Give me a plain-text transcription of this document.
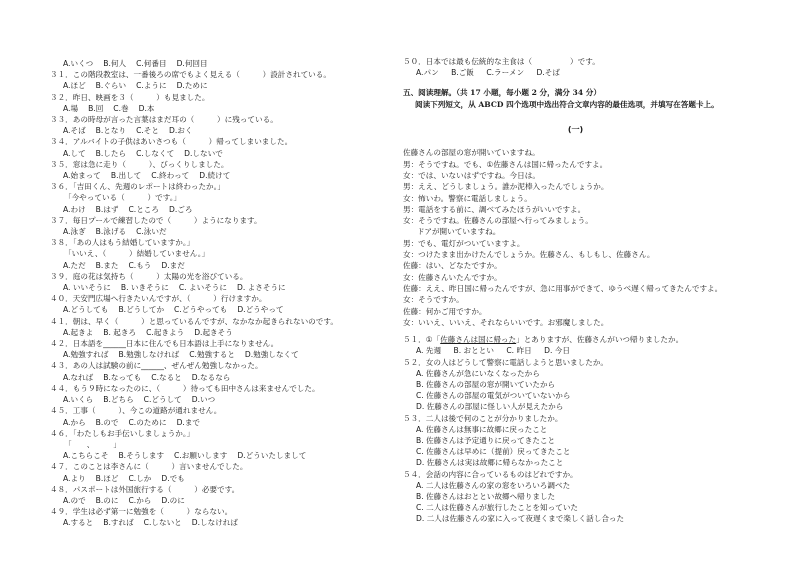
A.いくつ B.何人 C.何番目 D.何回目
３１．この階段教室は、一番後ろの席でもよく見える（　　　）設計されている。
A.ほど B.ぐらい C.ように D.ために
３２．昨日、映画を３（　　　）も見ました。
A.場 B.回 C.巻 D.本
３３．あの時母が言った言葉はまだ耳の（　　　）に残っている。
A.そば B.となり C.そと D.おく
３４．アルバイトの子供はあいさつも（　　　）帰ってしまいました。
A.して B.したら C.しなくて D.しないで
３５．窓は急に走り（　　　）、びっくりしました。
A.始まって B.出して C.終わって D.続けて
３６．「吉田くん、先週のレポートは終わったか。」
「今やっている（　　　）です。」
A.わけ B.はず C.ところ D.ごろ
３７．毎日プールで練習したので（　　　）ようになります。
A.泳ぎ B.泳げる C.泳いだ
３８．「あの人はもう結婚していますか。」
「いいえ、（　　　）結婚していません。」
A.ただ B.また C.もう D.まだ
３９．庭の花は気持ち（　　　）太陽の光を浴びている。
A. いいそうに B. いきそうに C. よいそうに D. よさそうに
４０．天安門広場へ行きたいんですが、（　　　）行けますか。
A.どうしても B.どうしてか C.どうやっても D.どうやって
４１．朝は、早く（　　　）と思っているんですが、なかなか起きられないのです。
A.起きよ B. 起きろ C.起きよう D.起きそう
４２．日本語を______日本に住んでも日本語は上手になりません。
A.勉強すれば B.勉強しなければ C.勉強すると D.勉強しなくて
４３．あの人は試験の前に______、ぜんぜん勉強しなかった。
A.なれば B.なっても C.なると D.なるなら
４４．もう９時になったのに、（　　　）待っても田中さんは来ませんでした。
A.いくら B.どちら C.どうして D.いつ
４５．工事（　　　）、今この道路が通れません。
A.から B.ので C.のために D.まで
４６．「わたしもお手伝いしましょうか。」
「　　、　　　」
A.こちらこそ B.そうします C.お願いします D.どういたしまして
４７．このことは李さんに（　　　）言いませんでした。
A.より B.ほど C.しか D.でも
４８．パスポートは外国旅行する（　　　）必要です。
A.ので B.のに C.から D.のに
４９．学生は必ず第一に勉強を（　　　）ならない。
A.すると B.すれば C.しないと D.しなければ
５０．日本では最も伝統的な主食は（　　　　　）です。
A.パン B.ご飯 C.ラーメン D.そば
五、阅读理解。（共 17 小题，每小题 2 分，满分 34 分）
阅读下列短文，从 ABCD 四个选项中选出符合文章内容的最佳选项，并填写在答题卡上。
(一)
佐藤さんの部屋の窓が開いていますね。
男：そうですね。でも、①佐藤さんは国に帰ったんですよ。
女：では、いないはずですね。今日は。
男：ええ、どうしましょう。誰か泥棒入ったんでしょうか。
女：怖いわ。警察に電話しましょう。
男：電話をする前に、調べてみたほうがいいですよ。
女：そうですね。佐藤さんの部屋へ行ってみましょう。
ドアが開いていますね。
男：でも、電灯がついていますよ。
女：つけたまま出かけたんでしょうか。佐藤さん、もしもし、佐藤さん。
佐藤：はい、どなたですか。
女：佐藤さんいたんですか。
佐藤：ええ、昨日国に帰ったんですが、急に用事ができて、ゆうべ遅く帰ってきたんですよ。
女：そうですか。
佐藤：何かご用ですか。
女：いいえ、いいえ、それならいいです。お邪魔しました。
５１．①「佐藤さんは国に帰った」とありますが、佐藤さんがいつ帰りましたか。
A. 先週 B. おととい C. 昨日 D. 今日
５２．女の人はどうして警察に電話しようと思いましたか。
A. 佐藤さんが急にいなくなったから
B. 佐藤さんの部屋の窓が開いていたから
C. 佐藤さんの部屋の電気がついていないから
D. 佐藤さんの部屋に怪しい人が見えたから
５３．二人は後で何のことが分かりましたか。
A. 佐藤さんは無事に故郷に戻ったこと
B. 佐藤さんは予定通りに戻ってきたこと
C. 佐藤さんは早めに（提前）戻ってきたこと
D. 佐藤さんは実は故郷に帰らなかったこと
５４．会話の内容に合っているものはどれですか。
A. 二人は佐藤さんの家の窓をいろいろ調べた
B. 佐藤さんはおととい故郷へ帰りました
C. 二人は佐藤さんが旅行したことを知っていた
D. 二人は佐藤さんの家に入って夜遅くまで楽しく話し合った
